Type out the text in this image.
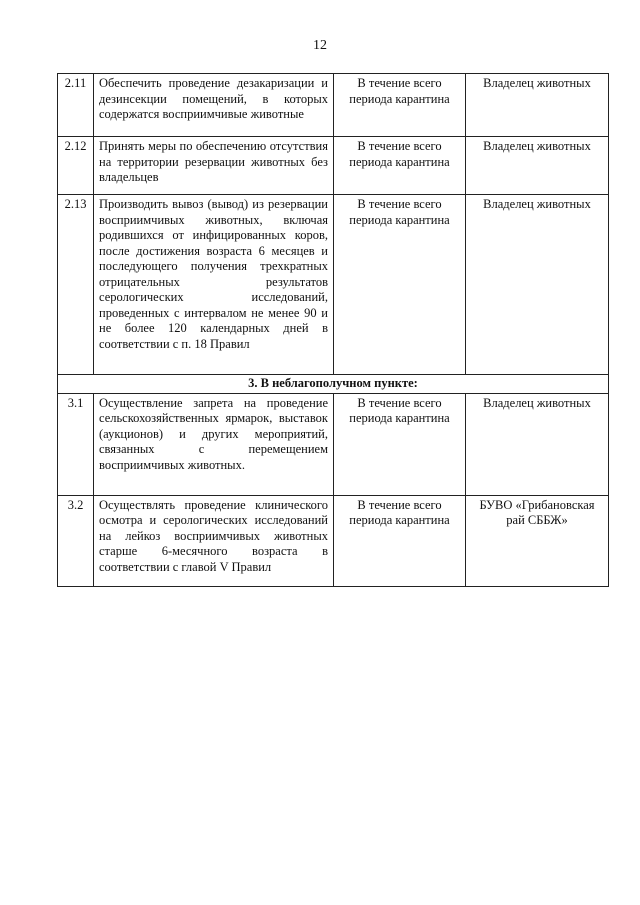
12
2.11	Обеспечить проведение дезакаризации и дезинсекции помещений, в которых содержатся восприимчивые животные	В течение всего периода карантина	Владелец животных
2.12	Принять меры по обеспечению отсутствия на территории резервации животных без владельцев	В течение всего периода карантина	Владелец животных
2.13	Производить вывоз (вывод) из резервации восприимчивых животных, включая родившихся от инфицированных коров, после достижения возраста 6 месяцев и последующего получения трехкратных отрицательных результатов серологических исследований, проведенных с интервалом не менее 90 и не более 120 календарных дней в соответствии с п. 18 Правил	В течение всего периода карантина	Владелец животных
3. В неблагополучном пункте:			
3.1	Осуществление запрета на проведение сельскохозяйственных ярмарок, выставок (аукционов) и других мероприятий, связанных с перемещением восприимчивых животных.	В течение всего периода карантина	Владелец животных
3.2	Осуществлять проведение клинического осмотра и серологических исследований на лейкоз восприимчивых животных старше 6-месячного возраста в соответствии с главой V Правил	В течение всего периода карантина	БУВО «Грибановская рай СББЖ»
